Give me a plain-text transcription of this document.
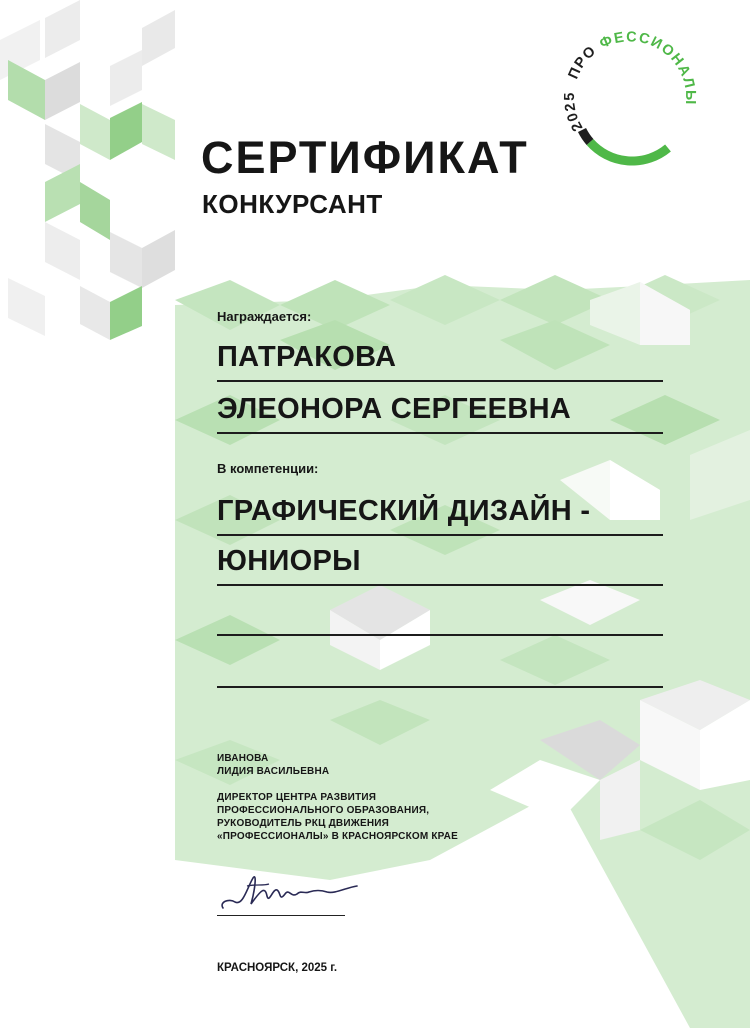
2025 ПРО ФЕССИОНАЛЫ
СЕРТИФИКАТ
КОНКУРСАНТ
Награждается:
ПАТРАКОВА
ЭЛЕОНОРА СЕРГЕЕВНА
В компетенции:
ГРАФИЧЕСКИЙ ДИЗАЙН -
ЮНИОРЫ
ИВАНОВА
ЛИДИЯ ВАСИЛЬЕВНА
ДИРЕКТОР ЦЕНТРА РАЗВИТИЯ
ПРОФЕССИОНАЛЬНОГО ОБРАЗОВАНИЯ,
РУКОВОДИТЕЛЬ РКЦ ДВИЖЕНИЯ
«ПРОФЕССИОНАЛЫ» В КРАСНОЯРСКОМ КРАЕ
КРАСНОЯРСК, 2025 г.
